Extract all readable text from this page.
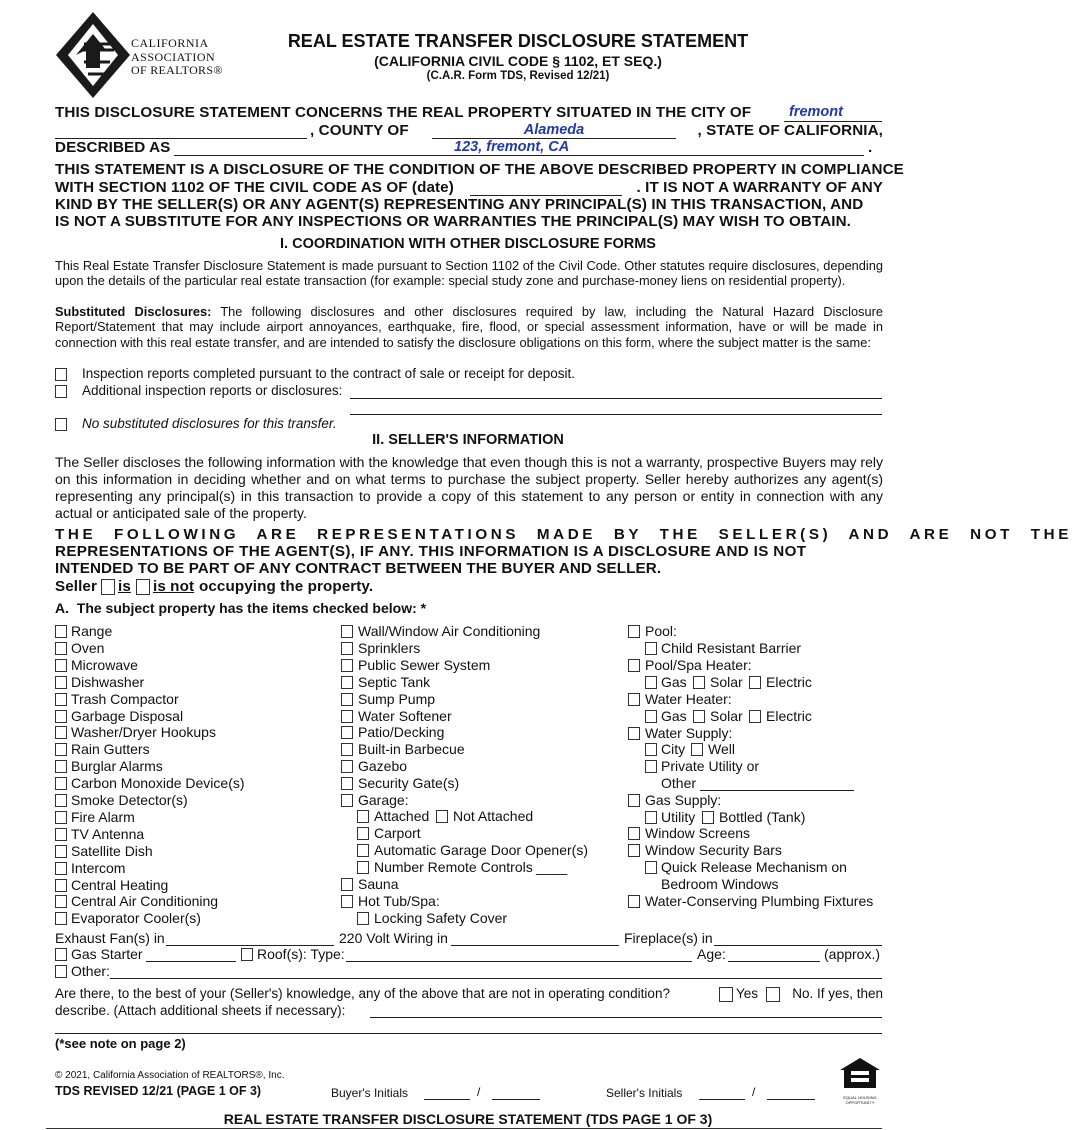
CALIFORNIA
ASSOCIATION
OF REALTORS®
REAL ESTATE TRANSFER DISCLOSURE STATEMENT
(CALIFORNIA CIVIL CODE § 1102, ET SEQ.)
(C.A.R. Form TDS, Revised 12/21)
THIS DISCLOSURE STATEMENT CONCERNS THE REAL PROPERTY SITUATED IN THE CITY OF	fremont
, COUNTY OF	Alameda	, STATE OF CALIFORNIA,
DESCRIBED AS	123, fremont, CA	.
THIS STATEMENT IS A DISCLOSURE OF THE CONDITION OF THE ABOVE DESCRIBED PROPERTY IN COMPLIANCE
WITH SECTION 1102 OF THE CIVIL CODE AS OF (date)	. IT IS NOT A WARRANTY OF ANY
KIND BY THE SELLER(S) OR ANY AGENT(S) REPRESENTING ANY PRINCIPAL(S) IN THIS TRANSACTION, AND
IS NOT A SUBSTITUTE FOR ANY INSPECTIONS OR WARRANTIES THE PRINCIPAL(S) MAY WISH TO OBTAIN.
I. COORDINATION WITH OTHER DISCLOSURE FORMS
This Real Estate Transfer Disclosure Statement is made pursuant to Section 1102 of the Civil Code. Other statutes require disclosures, depending upon the details of the particular real estate transaction (for example: special study zone and purchase-money liens on residential property).
Substituted Disclosures: The following disclosures and other disclosures required by law, including the Natural Hazard Disclosure Report/Statement that may include airport annoyances, earthquake, fire, flood, or special assessment information, have or will be made in connection with this real estate transfer, and are intended to satisfy the disclosure obligations on this form, where the subject matter is the same:
Inspection reports completed pursuant to the contract of sale or receipt for deposit.
Additional inspection reports or disclosures:
No substituted disclosures for this transfer.
II. SELLER'S INFORMATION
The Seller discloses the following information with the knowledge that even though this is not a warranty, prospective Buyers may rely on this information in deciding whether and on what terms to purchase the subject property. Seller hereby authorizes any agent(s) representing any principal(s) in this transaction to provide a copy of this statement to any person or entity in connection with any actual or anticipated sale of the property.
THE FOLLOWING ARE REPRESENTATIONS MADE BY THE SELLER(S) AND ARE NOT THE
REPRESENTATIONS OF THE AGENT(S), IF ANY. THIS INFORMATION IS A DISCLOSURE AND IS NOT
INTENDED TO BE PART OF ANY CONTRACT BETWEEN THE BUYER AND SELLER.
Seller is is not occupying the property.
A.  The subject property has the items checked below: *
Range
Oven
Microwave
Dishwasher
Trash Compactor
Garbage Disposal
Washer/Dryer Hookups
Rain Gutters
Burglar Alarms
Carbon Monoxide Device(s)
Smoke Detector(s)
Fire Alarm
TV Antenna
Satellite Dish
Intercom
Central Heating
Central Air Conditioning
Evaporator Cooler(s)
Wall/Window Air Conditioning
Sprinklers
Public Sewer System
Septic Tank
Sump Pump
Water Softener
Patio/Decking
Built-in Barbecue
Gazebo
Security Gate(s)
Garage:
Attached Not Attached
Carport
Automatic Garage Door Opener(s)
Number Remote Controls ____
Sauna
Hot Tub/Spa:
Locking Safety Cover
Pool:
Child Resistant Barrier
Pool/Spa Heater:
Gas Solar Electric
Water Heater:
Gas Solar Electric
Water Supply:
City Well
Private Utility or
Other
Gas Supply:
Utility Bottled (Tank)
Window Screens
Window Security Bars
Quick Release Mechanism on
Bedroom Windows
Water-Conserving Plumbing Fixtures
Exhaust Fan(s) in	220 Volt Wiring in	Fireplace(s) in
Gas Starter	Roof(s): Type:	Age:	(approx.)
Other:
Are there, to the best of your (Seller's) knowledge, any of the above that are not in operating condition?	Yes	No. If yes, then
describe. (Attach additional sheets if necessary):
(*see note on page 2)
© 2021, California Association of REALTORS®, Inc.
TDS REVISED 12/21 (PAGE 1 OF 3)	Buyer's Initials	/	Seller's Initials	/	EQUAL HOUSING
OPPORTUNITY
REAL ESTATE TRANSFER DISCLOSURE STATEMENT (TDS PAGE 1 OF 3)
